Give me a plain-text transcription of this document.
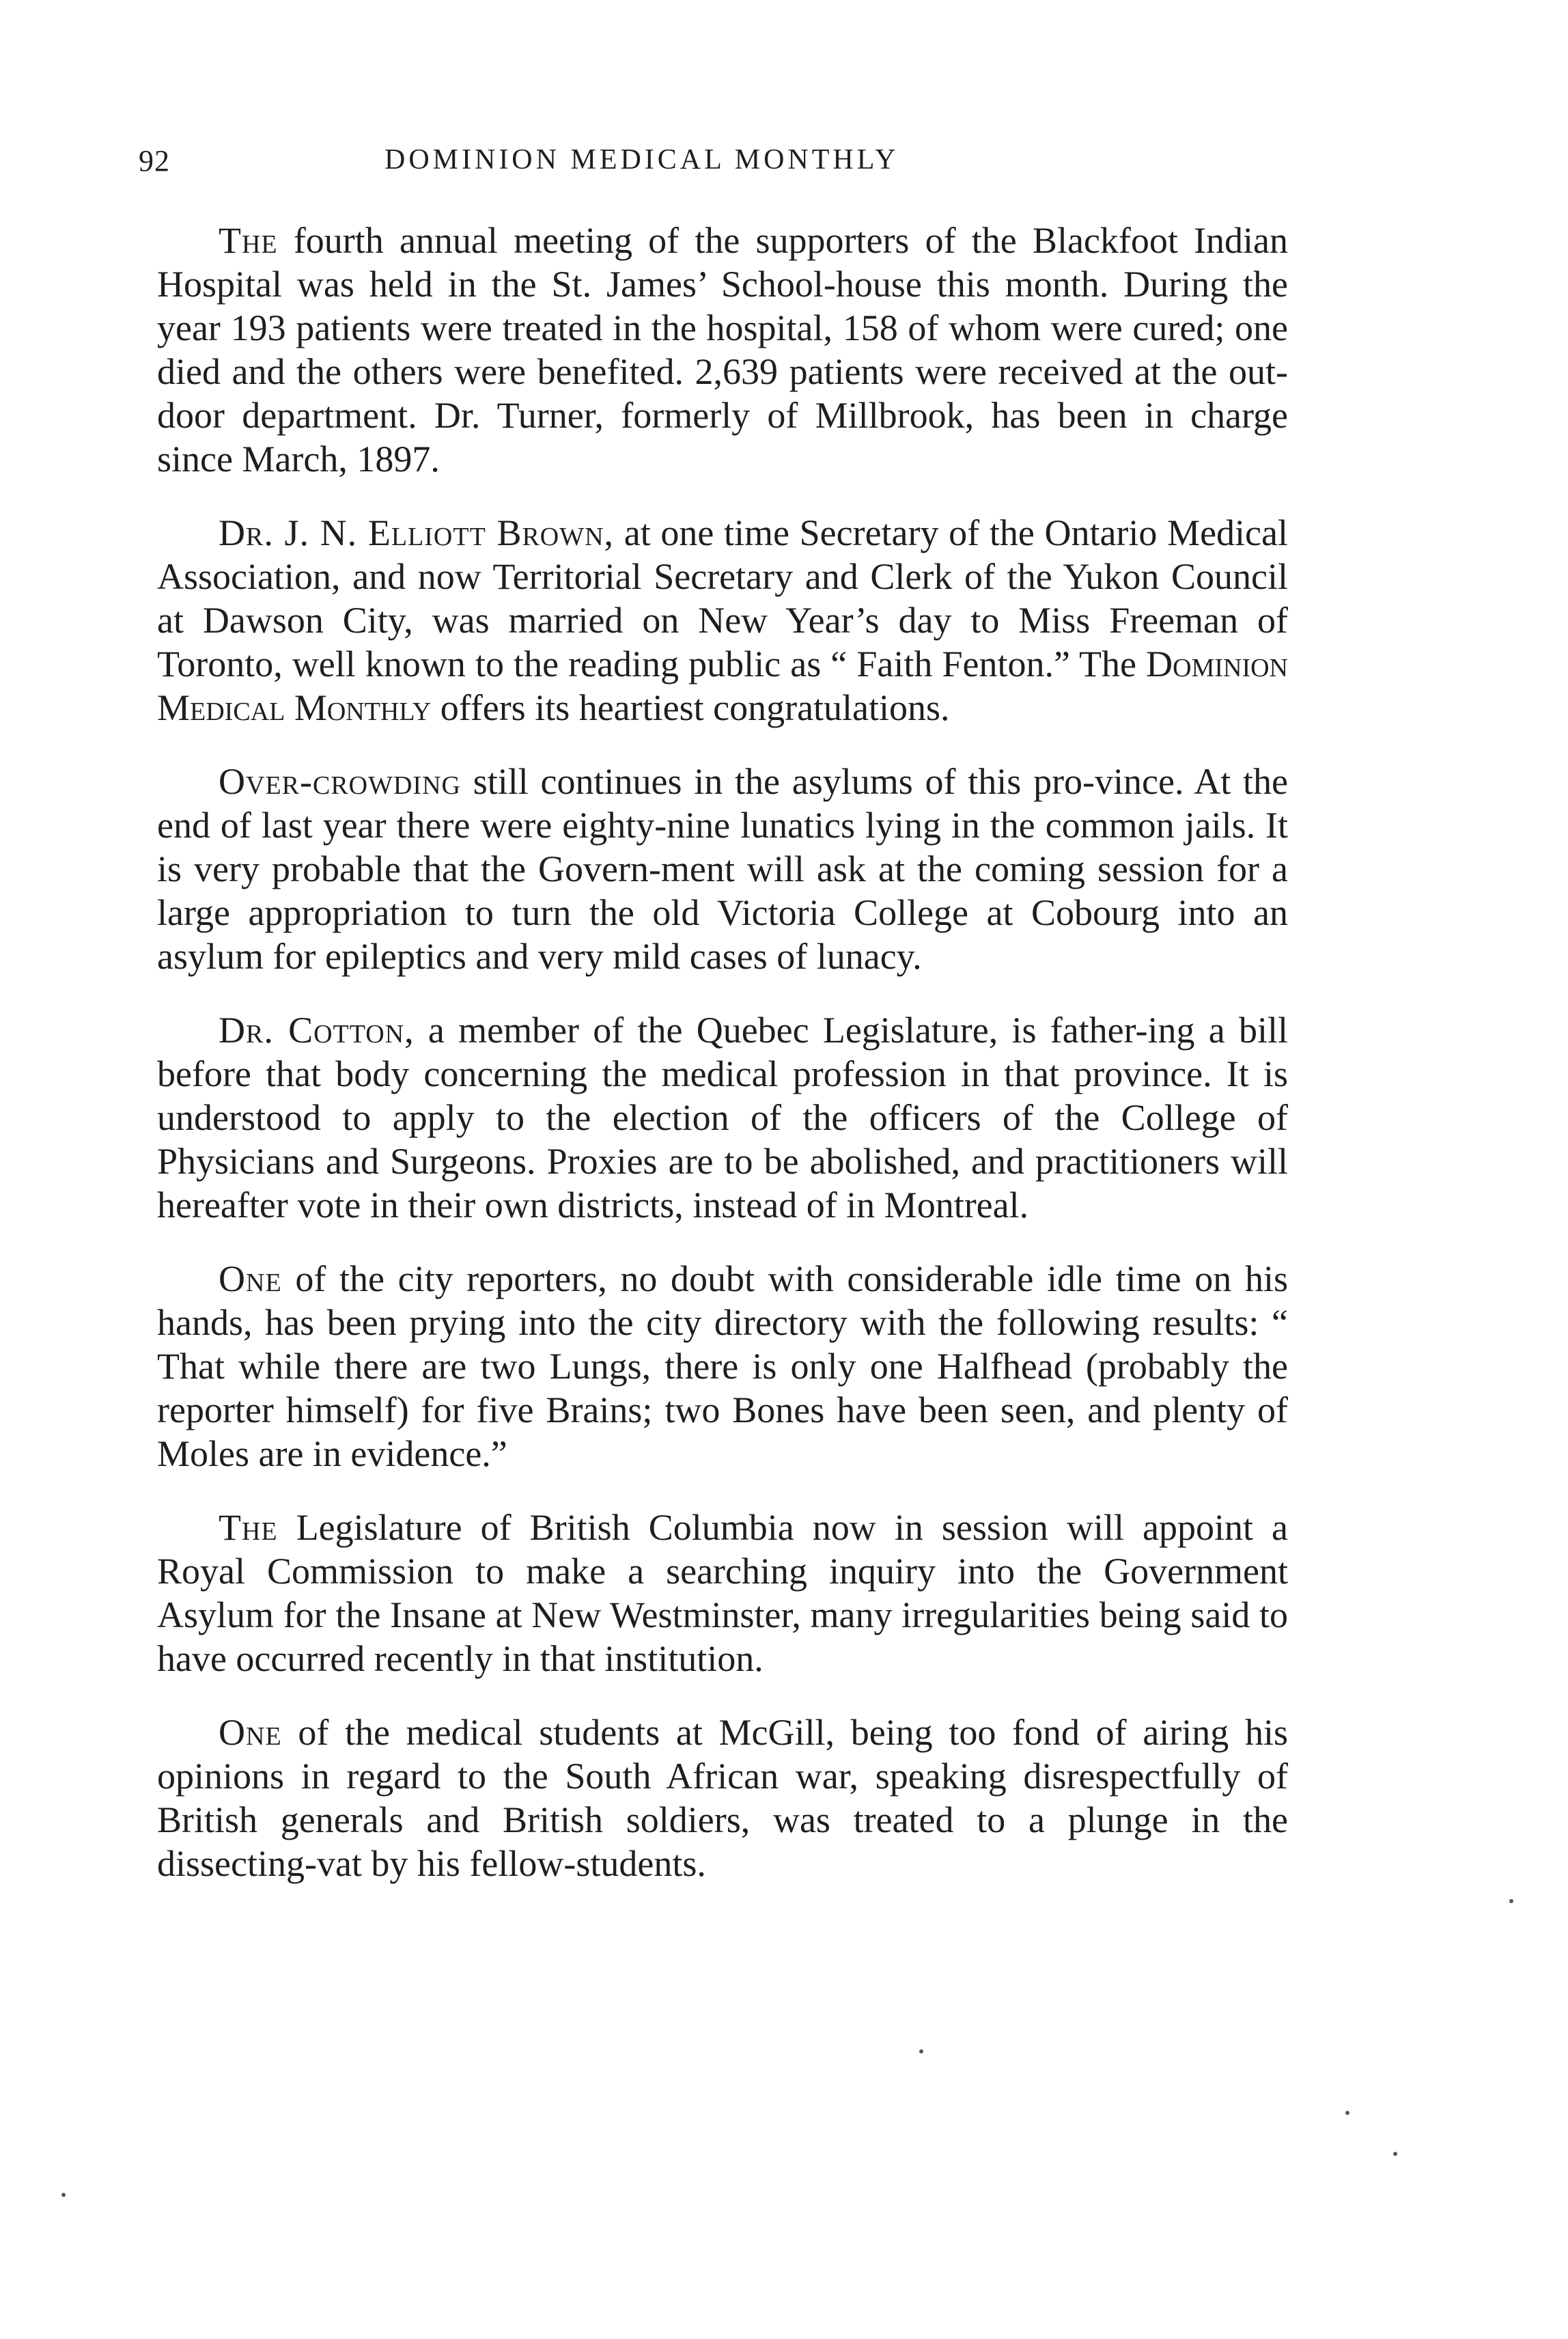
92	DOMINION MEDICAL MONTHLY

The fourth annual meeting of the supporters of the Blackfoot Indian Hospital was held in the St. James’ School-house this month. During the year 193 patients were treated in the hospital, 158 of whom were cured; one died and the others were benefited. 2,639 patients were received at the out-door department. Dr. Turner, formerly of Millbrook, has been in charge since March, 1897.

Dr. J. N. Elliott Brown, at one time Secretary of the Ontario Medical Association, and now Territorial Secretary and Clerk of the Yukon Council at Dawson City, was married on New Year’s day to Miss Freeman of Toronto, well known to the reading public as “ Faith Fenton.” The Dominion Medical Monthly offers its heartiest congratulations.

Over-crowding still continues in the asylums of this pro-vince. At the end of last year there were eighty-nine lunatics lying in the common jails. It is very probable that the Govern-ment will ask at the coming session for a large appropriation to turn the old Victoria College at Cobourg into an asylum for epileptics and very mild cases of lunacy.

Dr. Cotton, a member of the Quebec Legislature, is father-ing a bill before that body concerning the medical profession in that province. It is understood to apply to the election of the officers of the College of Physicians and Surgeons. Proxies are to be abolished, and practitioners will hereafter vote in their own districts, instead of in Montreal.

One of the city reporters, no doubt with considerable idle time on his hands, has been prying into the city directory with the following results: “ That while there are two Lungs, there is only one Halfhead (probably the reporter himself) for five Brains; two Bones have been seen, and plenty of Moles are in evidence.”

The Legislature of British Columbia now in session will appoint a Royal Commission to make a searching inquiry into the Government Asylum for the Insane at New Westminster, many irregularities being said to have occurred recently in that institution.

One of the medical students at McGill, being too fond of airing his opinions in regard to the South African war, speaking disrespectfully of British generals and British soldiers, was treated to a plunge in the dissecting-vat by his fellow-students.
